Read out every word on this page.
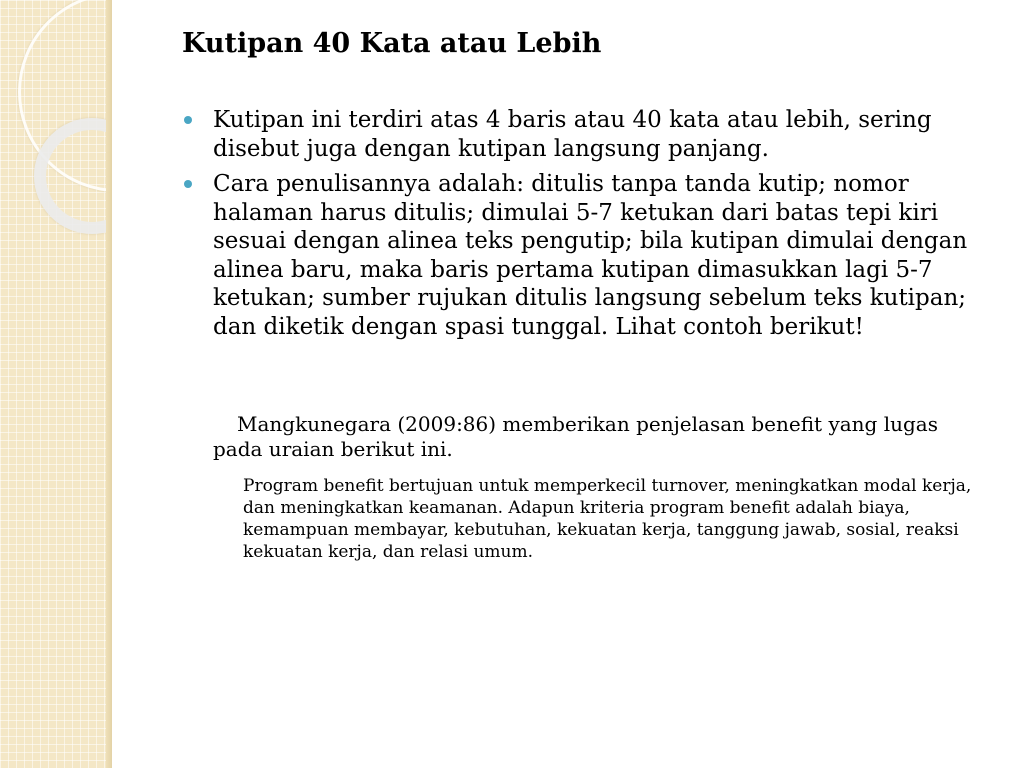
Kutipan 40 Kata atau Lebih
Kutipan ini terdiri atas 4 baris atau 40 kata atau lebih, sering disebut juga dengan kutipan langsung panjang.
Cara penulisannya adalah: ditulis tanpa tanda kutip; nomor halaman harus ditulis; dimulai 5-7 ketukan dari batas tepi kiri sesuai dengan alinea teks pengutip; bila kutipan dimulai dengan alinea baru, maka baris pertama kutipan dimasukkan lagi 5-7 ketukan; sumber rujukan ditulis langsung sebelum teks kutipan; dan diketik dengan spasi tunggal. Lihat contoh berikut!

Mangkunegara (2009:86) memberikan penjelasan benefit yang lugas pada uraian berikut ini.

Program benefit bertujuan untuk memperkecil turnover, meningkatkan modal kerja, dan meningkatkan keamanan. Adapun kriteria program benefit adalah biaya, kemampuan membayar, kebutuhan, kekuatan kerja, tanggung jawab, sosial, reaksi kekuatan kerja, dan relasi umum.
